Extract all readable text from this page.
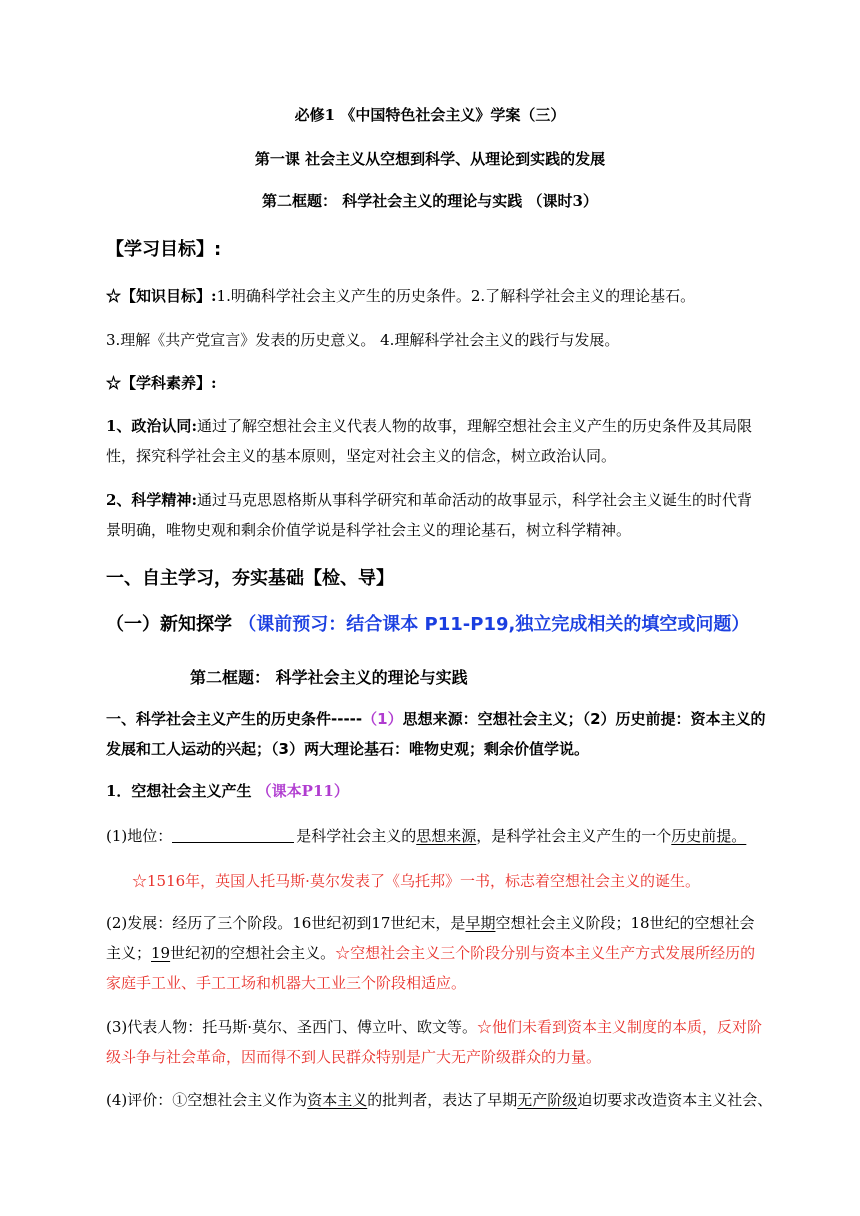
必修1 《中国特色社会主义》学案（三）
第一课 社会主义从空想到科学、从理论到实践的发展
第二框题： 科学社会主义的理论与实践 （课时3）
【学习目标】:
☆【知识目标】:1.明确科学社会主义产生的历史条件。2.了解科学社会主义的理论基石。
3.理解《共产党宣言》发表的历史意义。 4.理解科学社会主义的践行与发展。
☆【学科素养】:
1、政治认同:通过了解空想社会主义代表人物的故事，理解空想社会主义产生的历史条件及其局限
性，探究科学社会主义的基本原则，坚定对社会主义的信念，树立政治认同。
2、科学精神:通过马克思恩格斯从事科学研究和革命活动的故事显示，科学社会主义诞生的时代背
景明确，唯物史观和剩余价值学说是科学社会主义的理论基石，树立科学精神。
一、自主学习，夯实基础【检、导】
（一）新知探学 （课前预习：结合课本 P11-P19,独立完成相关的填空或问题）
第二框题： 科学社会主义的理论与实践
一、科学社会主义产生的历史条件-----（1）思想来源：空想社会主义；（2）历史前提：资本主义的
发展和工人运动的兴起；（3）两大理论基石：唯物史观；剩余价值学说。
1．空想社会主义产生 （课本P11）
(1)地位：	是科学社会主义的思想来源，是科学社会主义产生的一个历史前提。
☆1516年，英国人托马斯·莫尔发表了《乌托邦》一书，标志着空想社会主义的诞生。
(2)发展：经历了三个阶段。16世纪初到17世纪末，是早期空想社会主义阶段；18世纪的空想社会
主义；19世纪初的空想社会主义。☆空想社会主义三个阶段分别与资本主义生产方式发展所经历的
家庭手工业、手工工场和机器大工业三个阶段相适应。
(3)代表人物：托马斯·莫尔、圣西门、傅立叶、欧文等。☆他们未看到资本主义制度的本质，反对阶
级斗争与社会革命，因而得不到人民群众特别是广大无产阶级群众的力量。
(4)评价：①空想社会主义作为资本主义的批判者，表达了早期无产阶级迫切要求改造资本主义社会、
